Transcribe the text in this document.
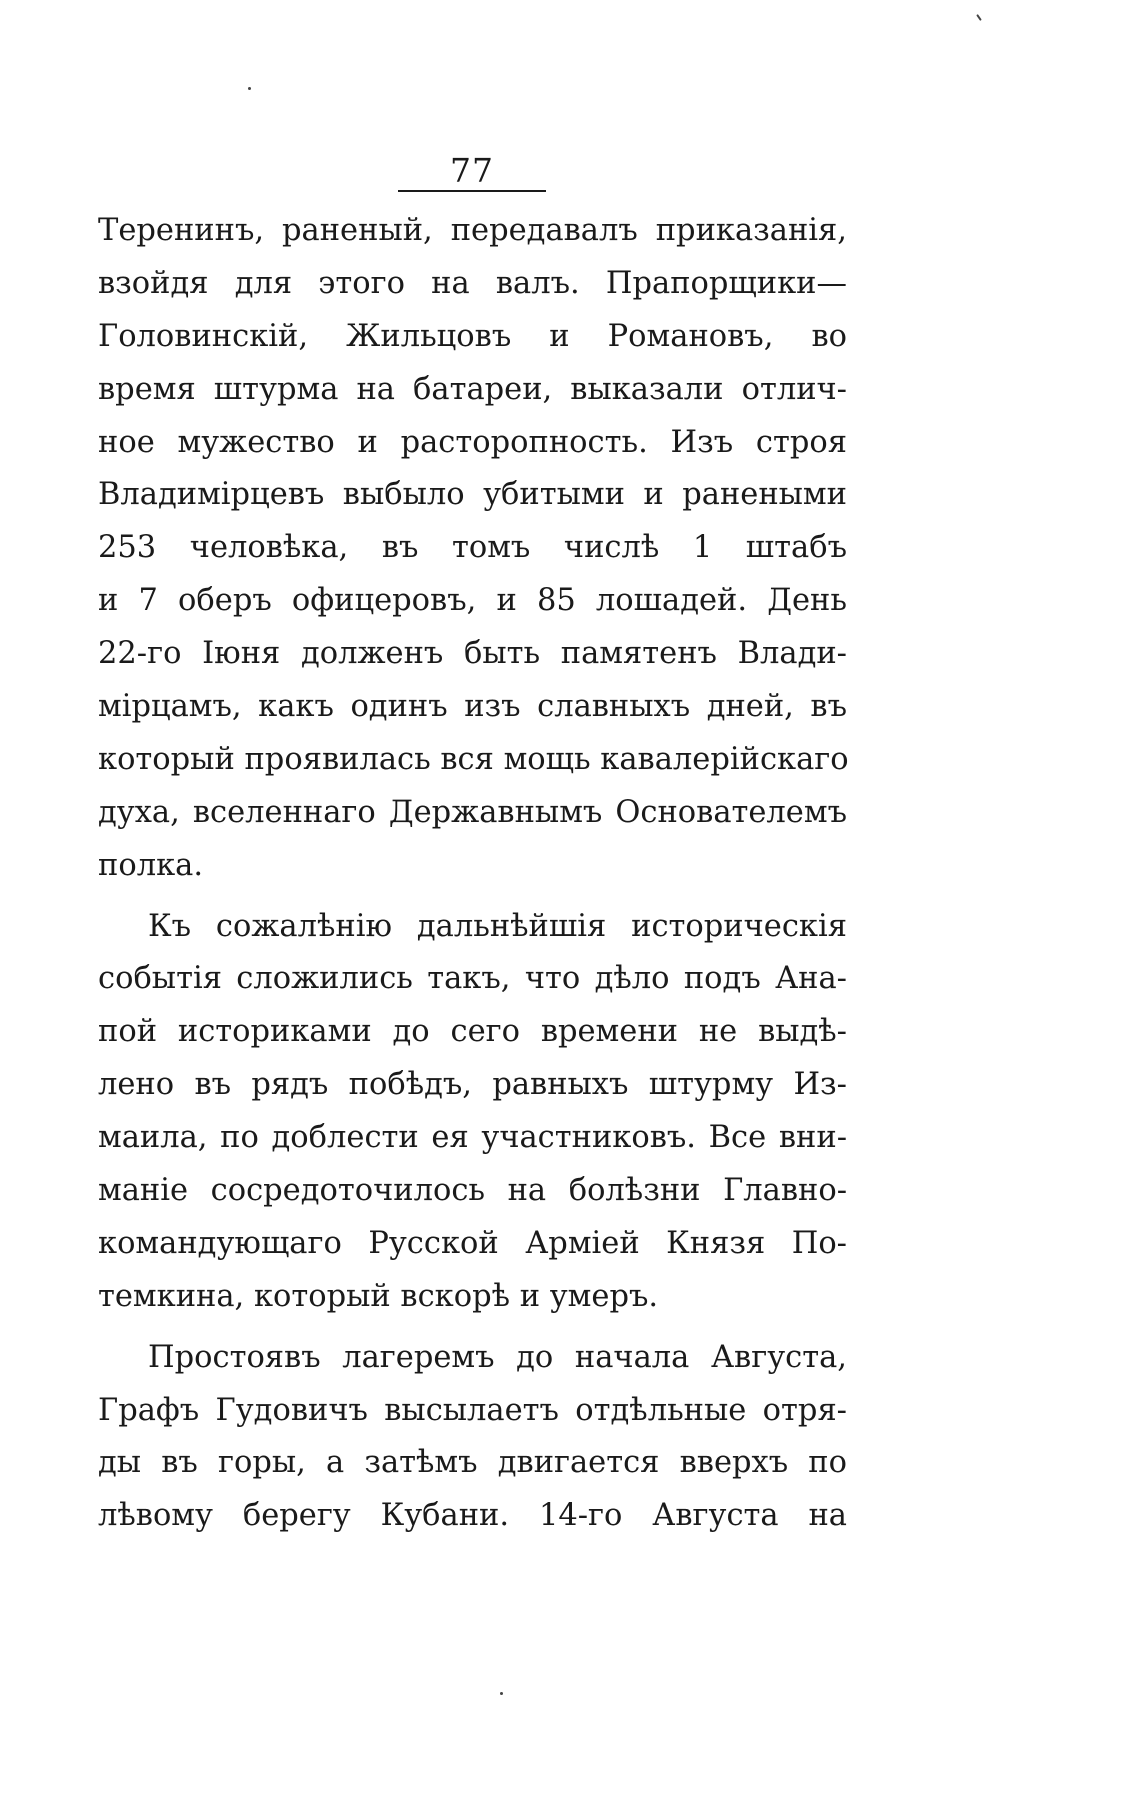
77
Теренинъ, раненый, передавалъ приказанія,
взойдя для этого на валъ. Прапорщики—
Головинскій, Жильцовъ и Романовъ, во
время штурма на батареи, выказали отлич-
ное мужество и расторопность. Изъ строя
Владимірцевъ выбыло убитыми и ранеными
253 человѣка, въ томъ числѣ 1 штабъ
и 7 оберъ офицеровъ, и 85 лошадей. День
22-го Іюня долженъ быть памятенъ Влади-
мірцамъ, какъ одинъ изъ славныхъ дней, въ
который проявилась вся мощь кавалерійскаго
духа, вселеннаго Державнымъ Основателемъ
полка.
Къ сожалѣнію дальнѣйшія историческія
событія сложились такъ, что дѣло подъ Ана-
пой историками до сего времени не выдѣ-
лено въ рядъ побѣдъ, равныхъ штурму Из-
маила, по доблести ея участниковъ. Все вни-
маніе сосредоточилось на болѣзни Главно-
командующаго Русской Арміей Князя По-
темкина, который вскорѣ и умеръ.
Простоявъ лагеремъ до начала Августа,
Графъ Гудовичъ высылаетъ отдѣльные отря-
ды въ горы, а затѣмъ двигается вверхъ по
лѣвому берегу Кубани. 14-го Августа на
